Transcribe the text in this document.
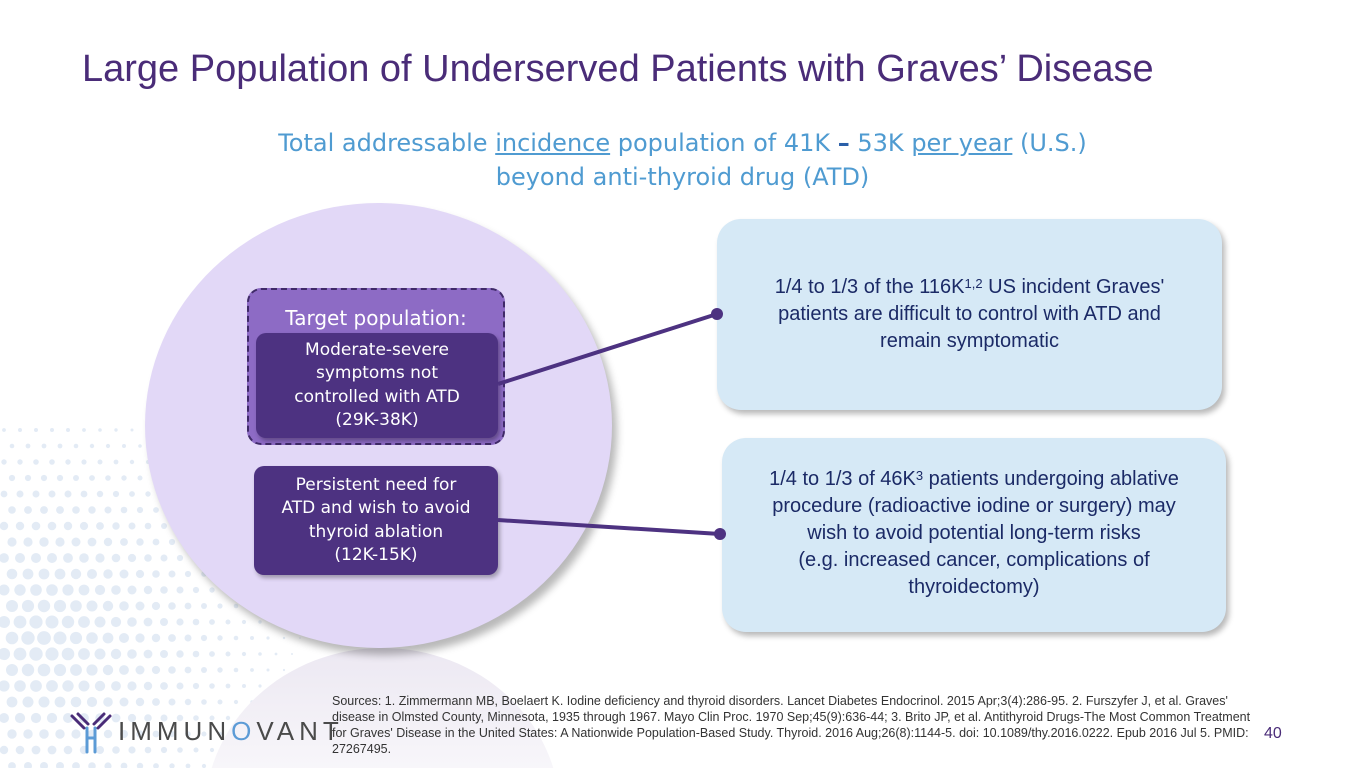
Large Population of Underserved Patients with Graves’ Disease
Total addressable incidence population of 41K – 53K per year (U.S.)
beyond anti-thyroid drug (ATD)
Target population:
Moderate-severe
symptoms not
controlled with ATD
(29K-38K)
Persistent need for
ATD and wish to avoid
thyroid ablation
(12K-15K)
1/4 to 1/3 of the $116K^{1,2}$ US incident Graves'
patients are difficult to control with ATD and
remain symptomatic
1/4 to 1/3 of $46K^3$ patients undergoing ablative
procedure (radioactive iodine or surgery) may
wish to avoid potential long-term risks
(e.g. increased cancer, complications of
thyroidectomy)
IMMUNOVANT
Sources: 1. Zimmermann MB, Boelaert K. Iodine deficiency and thyroid disorders. Lancet Diabetes Endocrinol. 2015 Apr;3(4):286-95. 2. Furszyfer J, et al. Graves' disease in Olmsted County, Minnesota, 1935 through 1967. Mayo Clin Proc. 1970 Sep;45(9):636-44; 3. Brito JP, et al. Antithyroid Drugs-The Most Common Treatment for Graves' Disease in the United States: A Nationwide Population-Based Study. Thyroid. 2016 Aug;26(8):1144-5. doi: 10.1089/thy.2016.0222. Epub 2016 Jul 5. PMID: 27267495.
40
